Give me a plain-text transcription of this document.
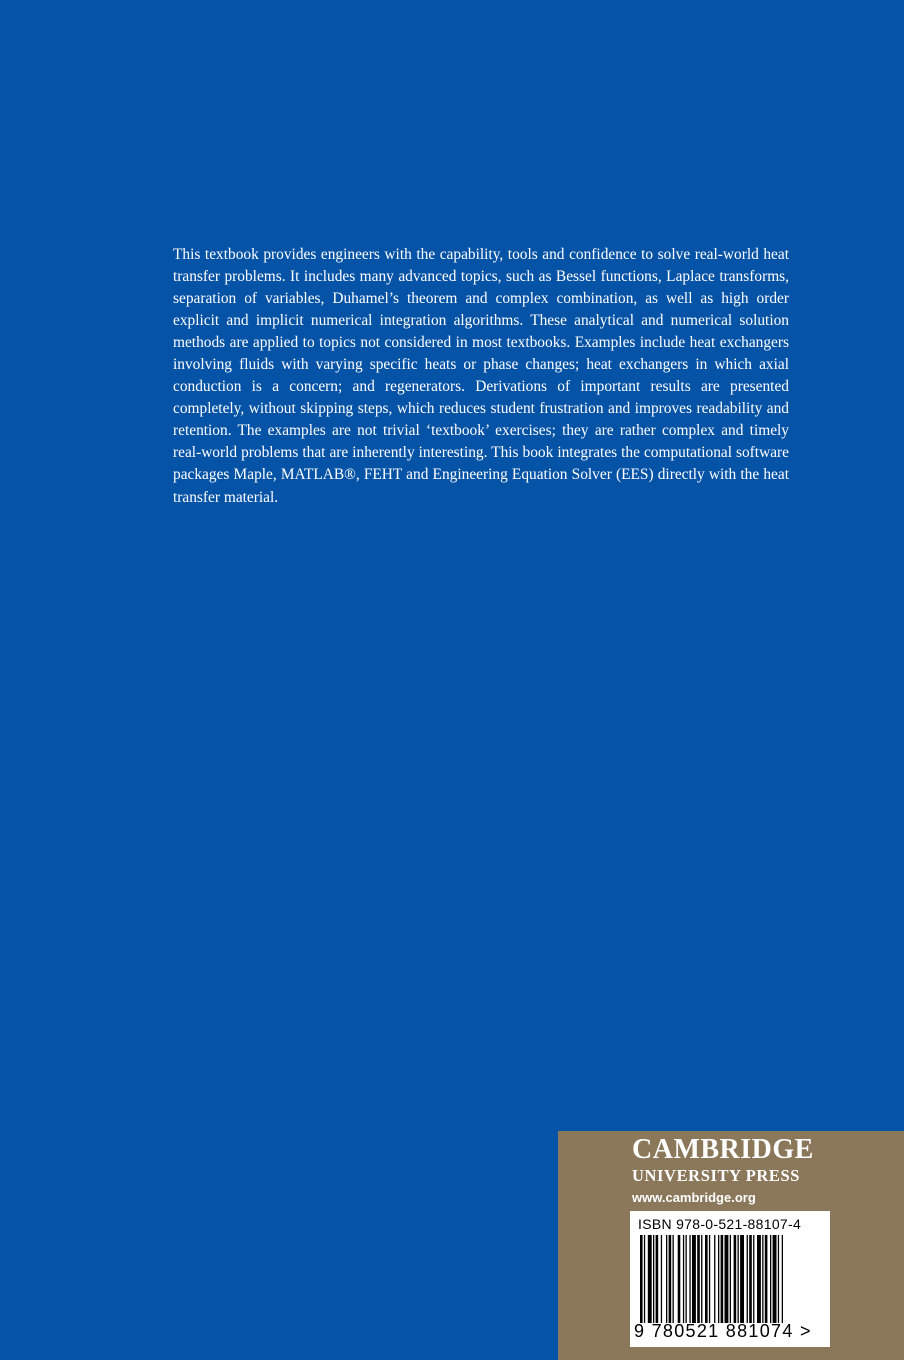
This textbook provides engineers with the capability, tools and confidence to solve real-world heat transfer problems. It includes many advanced topics, such as Bessel functions, Laplace transforms, separation of variables, Duhamel’s theorem and complex combination, as well as high order explicit and implicit numerical integration algorithms. These analytical and numerical solution methods are applied to topics not considered in most textbooks. Examples include heat exchangers involving fluids with varying specific heats or phase changes; heat exchangers in which axial conduction is a concern; and regenerators. Derivations of important results are presented completely, without skipping steps, which reduces student frustration and improves readability and retention. The examples are not trivial ‘textbook’ exercises; they are rather complex and timely real-world problems that are inherently interesting. This book integrates the computational software packages Maple, MATLAB®, FEHT and Engineering Equation Solver (EES) directly with the heat transfer material.

CAMBRIDGE
UNIVERSITY PRESS
www.cambridge.org
ISBN 978-0-521-88107-4
9 780521 881074 >
